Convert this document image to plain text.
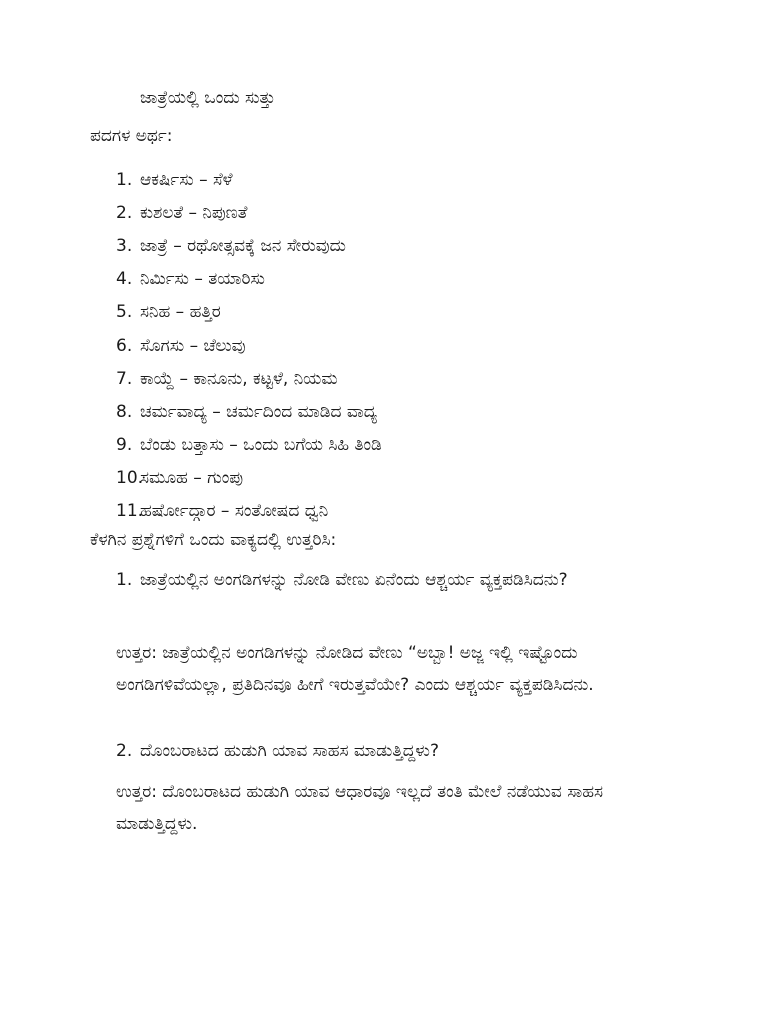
ಜಾತ್ರೆಯಲ್ಲಿ ಒಂದು ಸುತ್ತು
ಪದಗಳ ಅರ್ಥ:
1. ಆಕರ್ಷಿಸು – ಸೆಳೆ
2. ಕುಶಲತೆ – ನಿಪುಣತೆ
3. ಜಾತ್ರೆ – ರಥೋತ್ಸವಕ್ಕೆ ಜನ ಸೇರುವುದು
4. ನಿರ್ಮಿಸು – ತಯಾರಿಸು
5. ಸನಿಹ – ಹತ್ತಿರ
6. ಸೊಗಸು – ಚೆಲುವು
7. ಕಾಯ್ದೆ – ಕಾನೂನು, ಕಟ್ಟಳೆ, ನಿಯಮ
8. ಚರ್ಮವಾದ್ಯ – ಚರ್ಮದಿಂದ ಮಾಡಿದ ವಾದ್ಯ
9. ಬೆಂಡು ಬತ್ತಾಸು – ಒಂದು ಬಗೆಯ ಸಿಹಿ ತಿಂಡಿ
10.
ಸಮೂಹ – ಗುಂಪು
11.
ಹರ್ಷೋದ್ಗಾರ – ಸಂತೋಷದ ಧ್ವನಿ
ಕೆಳಗಿನ ಪ್ರಶ್ನೆಗಳಿಗೆ ಒಂದು ವಾಕ್ಯದಲ್ಲಿ ಉತ್ತರಿಸಿ:
1. ಜಾತ್ರೆಯಲ್ಲಿನ ಅಂಗಡಿಗಳನ್ನು ನೋಡಿ ವೇಣು ಏನೆಂದು ಆಶ್ಚರ್ಯ ವ್ಯಕ್ತಪಡಿಸಿದನು?
ಉತ್ತರ: ಜಾತ್ರೆಯಲ್ಲಿನ ಅಂಗಡಿಗಳನ್ನು ನೋಡಿದ ವೇಣು “ಅಬ್ಬಾ! ಅಜ್ಜ ಇಲ್ಲಿ ಇಷ್ಟೊಂದು ಅಂಗಡಿಗಳಿವೆಯಲ್ಲಾ, ಪ್ರತಿದಿನವೂ ಹೀಗೆ ಇರುತ್ತವೆಯೇ? ಎಂದು ಆಶ್ಚರ್ಯ ವ್ಯಕ್ತಪಡಿಸಿದನು.
2. ದೊಂಬರಾಟದ ಹುಡುಗಿ ಯಾವ ಸಾಹಸ ಮಾಡುತ್ತಿದ್ದಳು?
ಉತ್ತರ: ದೊಂಬರಾಟದ ಹುಡುಗಿ ಯಾವ ಆಧಾರವೂ ಇಲ್ಲದೆ ತಂತಿ ಮೇಲೆ ನಡೆಯುವ ಸಾಹಸ ಮಾಡುತ್ತಿದ್ದಳು.
